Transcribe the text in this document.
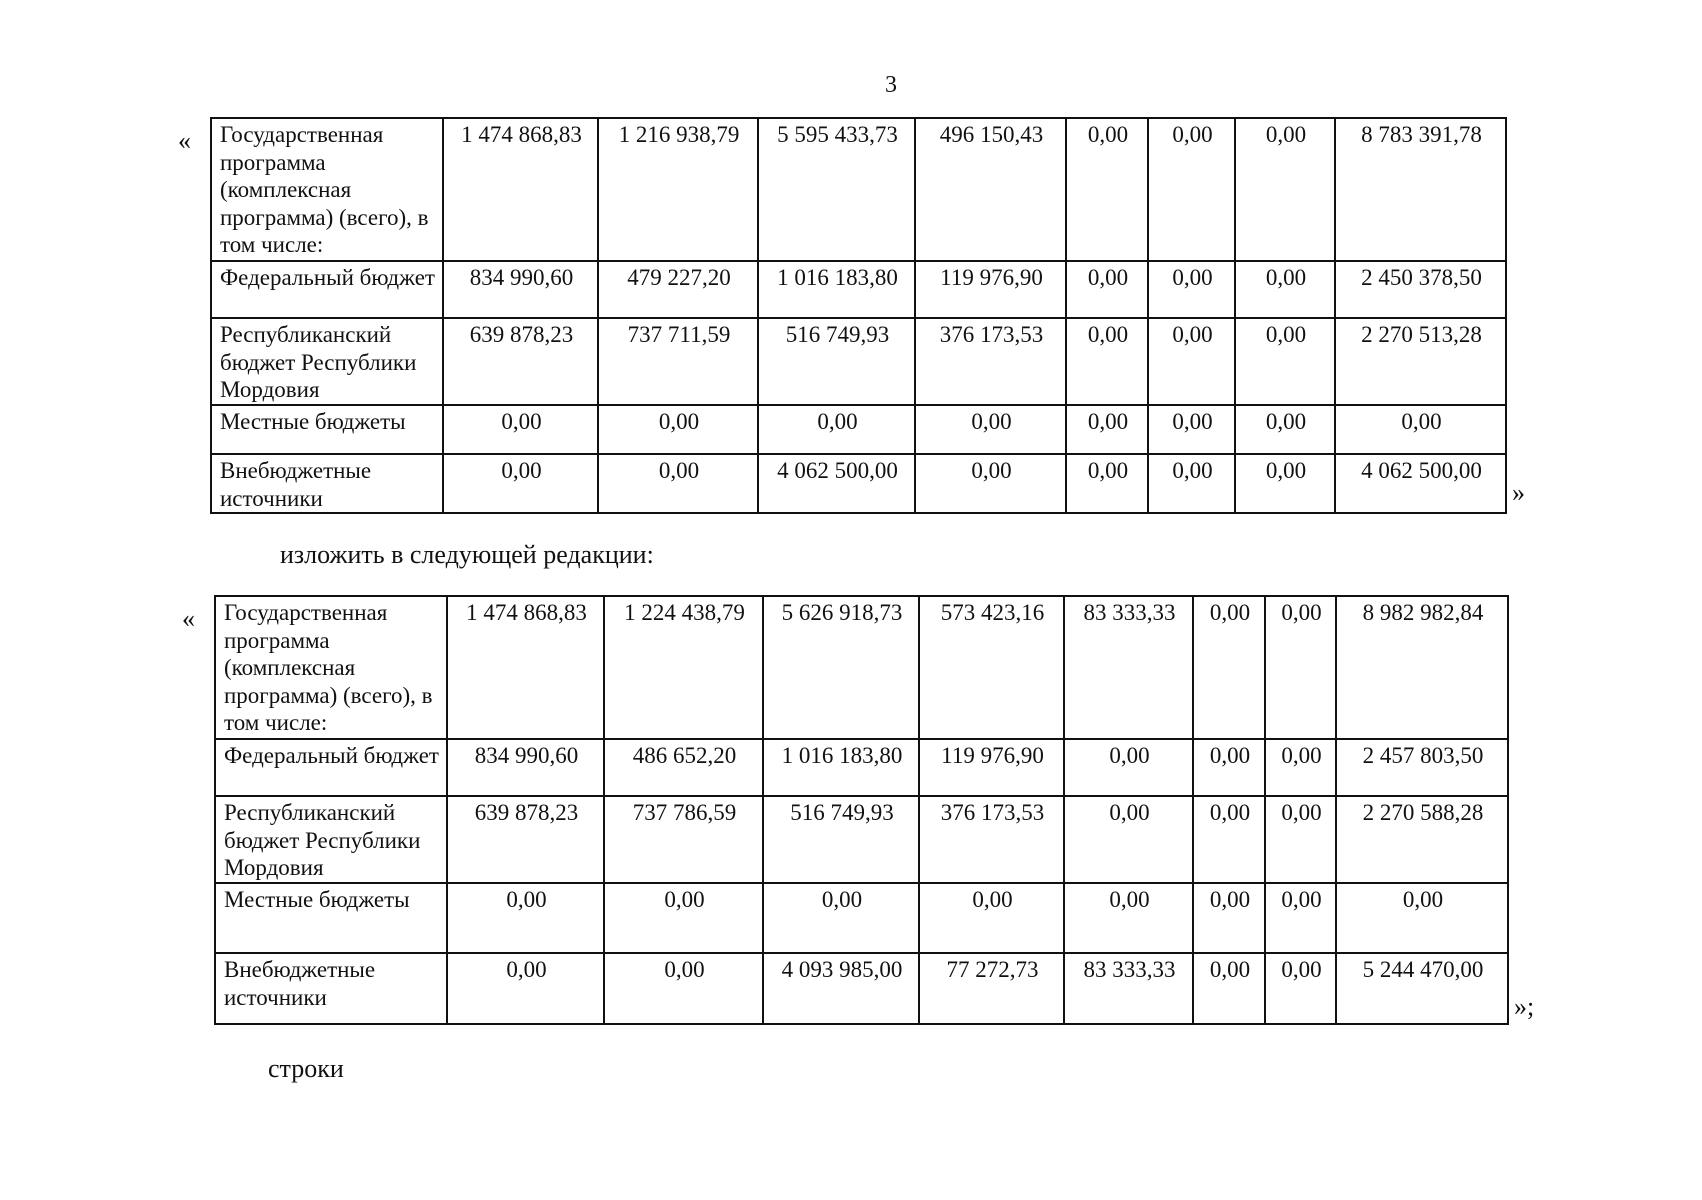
3
« Государственная программа (комплексная программа) (всего), в том числе:	1 474 868,83	1 216 938,79	5 595 433,73	496 150,43	0,00	0,00	0,00	8 783 391,78
Федеральный бюджет	834 990,60	479 227,20	1 016 183,80	119 976,90	0,00	0,00	0,00	2 450 378,50
Республиканский бюджет Республики Мордовия	639 878,23	737 711,59	516 749,93	376 173,53	0,00	0,00	0,00	2 270 513,28
Местные бюджеты	0,00	0,00	0,00	0,00	0,00	0,00	0,00	0,00
Внебюджетные источники	0,00	0,00	4 062 500,00	0,00	0,00	0,00	0,00	4 062 500,00
»
изложить в следующей редакции:
« Государственная программа (комплексная программа) (всего), в том числе:	1 474 868,83	1 224 438,79	5 626 918,73	573 423,16	83 333,33	0,00	0,00	8 982 982,84
Федеральный бюджет	834 990,60	486 652,20	1 016 183,80	119 976,90	0,00	0,00	0,00	2 457 803,50
Республиканский бюджет Республики Мордовия	639 878,23	737 786,59	516 749,93	376 173,53	0,00	0,00	0,00	2 270 588,28
Местные бюджеты	0,00	0,00	0,00	0,00	0,00	0,00	0,00	0,00
Внебюджетные источники	0,00	0,00	4 093 985,00	77 272,73	83 333,33	0,00	0,00	5 244 470,00
»;
строки
